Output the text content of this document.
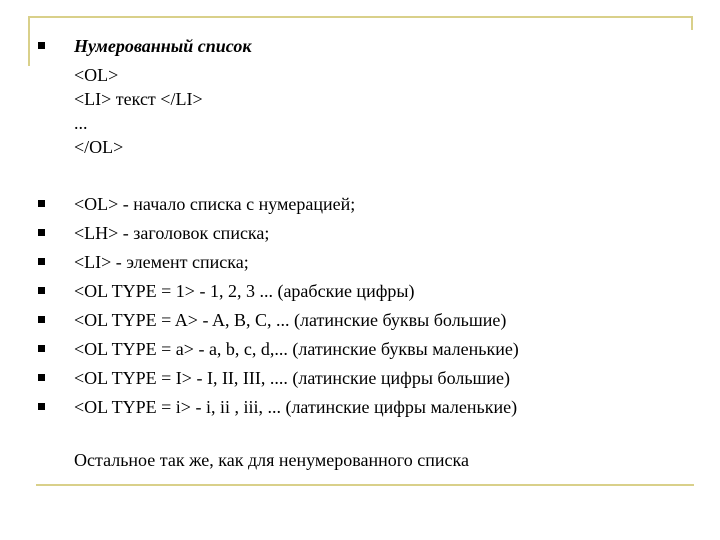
Нумерованный список
<OL>
<LI> текст </LI>
...
</OL>
<OL> - начало списка с нумерацией;
<LH> - заголовок списка;
<LI> - элемент списка;
<OL TYPE = 1> - 1, 2, 3 ... (арабские цифры)
<OL TYPE = A> - A, B, C, ... (латинские буквы большие)
<OL TYPE = a> - a, b, c, d,... (латинские буквы маленькие)
<OL TYPE = I> - I, II, III, .... (латинские цифры большие)
<OL TYPE = i> - i, ii , iii, ... (латинские цифры маленькие)
Остальное так же, как для ненумерованного списка
